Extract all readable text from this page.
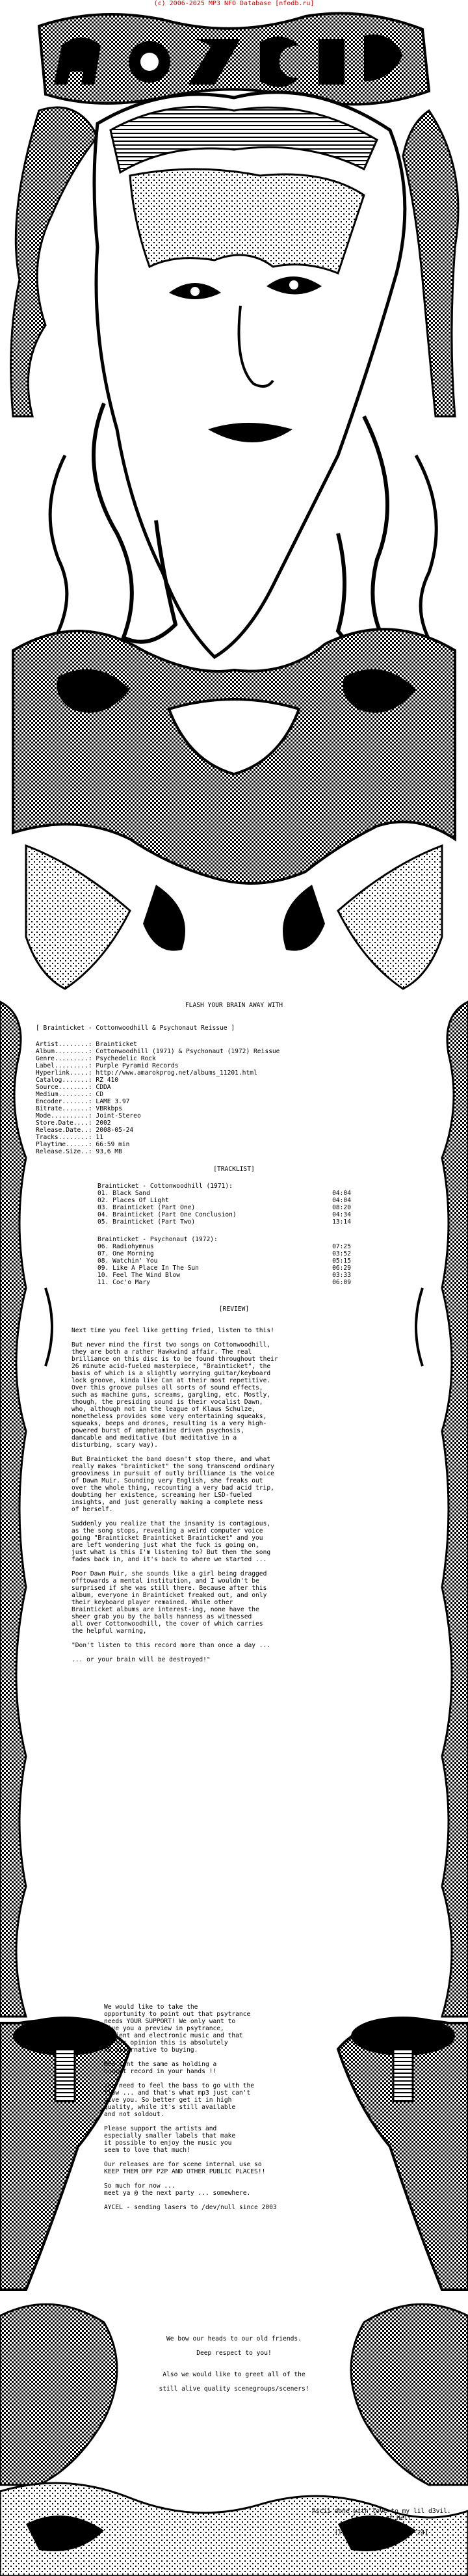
(c) 2006-2025 MP3 NFO Database [nfodb.ru]
FLASH YOUR BRAIN AWAY WITH
[ Brainticket - Cottonwoodhill & Psychonaut Reissue ]
Artist........: Brainticket
Album.........: Cottonwoodhill (1971) & Psychonaut (1972) Reissue
Genre.........: Psychedelic Rock
Label.........: Purple Pyramid Records
Hyperlink.....: http://www.amarokprog.net/albums_11201.html
Catalog.......: RZ 410
Source........: CDDA
Medium........: CD
Encoder.......: LAME 3.97
Bitrate.......: VBRkbps
Mode..........: Joint-Stereo
Store.Date....: 2002
Release.Date..: 2008-05-24
Tracks........: 11
Playtime......: 66:59 min
Release.Size..: 93,6 MB
[TRACKLIST]
Brainticket - Cottonwoodhill (1971):
01. Black Sand	04:04
02. Places Of Light	04:04
03. Brainticket (Part One)	08:20
04. Brainticket (Part One Conclusion)	04:34
05. Brainticket (Part Two)	13:14
Brainticket - Psychonaut (1972):
06. Radiohymnus	07:25
07. One Morning	03:52
08. Watchin' You	05:15
09. Like A Place In The Sun	06:29
10. Feel The Wind Blow	03:33
11. Coc'o Mary	06:09
[REVIEW]
Next time you feel like getting fried, listen to this!

But never mind the first two songs on Cottonwoodhill,
they are both a rather Hawkwind affair. The real
brilliance on this disc is to be found throughout their
26 minute acid-fueled masterpiece, "Brainticket", the
basis of which is a slightly worrying guitar/keyboard
lock groove, kinda like Can at their most repetitive.
Over this groove pulses all sorts of sound effects,
such as machine guns, screams, gargling, etc. Mostly,
though, the presiding sound is their vocalist Dawn,
who, although not in the league of Klaus Schulze,
nonetheless provides some very entertaining squeaks,
squeaks, beeps and drones, resulting is a very high-
powered burst of amphetamine driven psychosis,
dancable and meditative (but meditative in a
disturbing, scary way).

But Brainticket the band doesn't stop there, and what
really makes "brainticket" the song transcend ordinary
grooviness in pursuit of outly brilliance is the voice
of Dawn Muir. Sounding very English, she freaks out
over the whole thing, recounting a very bad acid trip,
doubting her existence, screaming her LSD-fueled
insights, and just generally making a complete mess
of herself.

Suddenly you realize that the insanity is contagious,
as the song stops, revealing a weird computer voice
going "Brainticket Brainticket Brainticket" and you
are left wondering just what the fuck is going on,
just what is this I'm listening to? But then the song
fades back in, and it's back to where we started ...

Poor Dawn Muir, she sounds like a girl being dragged
offtowards a mental institution, and I wouldn't be
surprised if she was still there. Because after this
album, everyone in Brainticket freaked out, and only
their keyboard player remained. While other
Brainticket albums are interest-ing, none have the
sheer grab you by the balls hanness as witnessed
all over Cottonwoodhill, the cover of which carries
the helpful warning,

"Don't listen to this record more than once a day ...

... or your brain will be destroyed!"
We would like to take the
opportunity to point out that psytrance
needs YOUR SUPPORT! We only want to
give you a preview in psytrance,
ambient and electronic music and that
in our opinion this is absolutely
NO alternative to buying.

MP3 isnt the same as holding a
bought record in your hands !!

You need to feel the bass to go with the
flow ... and that's what mp3 just can't
give you. So better get it in high
quality, while it's still available
and not soldout.

Please support the artists and
especially smaller labels that make
it possible to enjoy the music you
seem to love that much!

Our releases are for scene internal use so
KEEP THEM OFF P2P AND OTHER PUBLIC PLACES!!

So much for now ...
meet ya @ the next party ... somewhere.

AYCEL - sending lasers to /dev/null since 2003
We bow our heads to our old friends.

Deep respect to you!

Also we would like to greet all of the

still alive quality scenegroups/sceners!
Ascii done with love to my lil d3vil.
Creature of Hell

[last update: 2007-05-24]
